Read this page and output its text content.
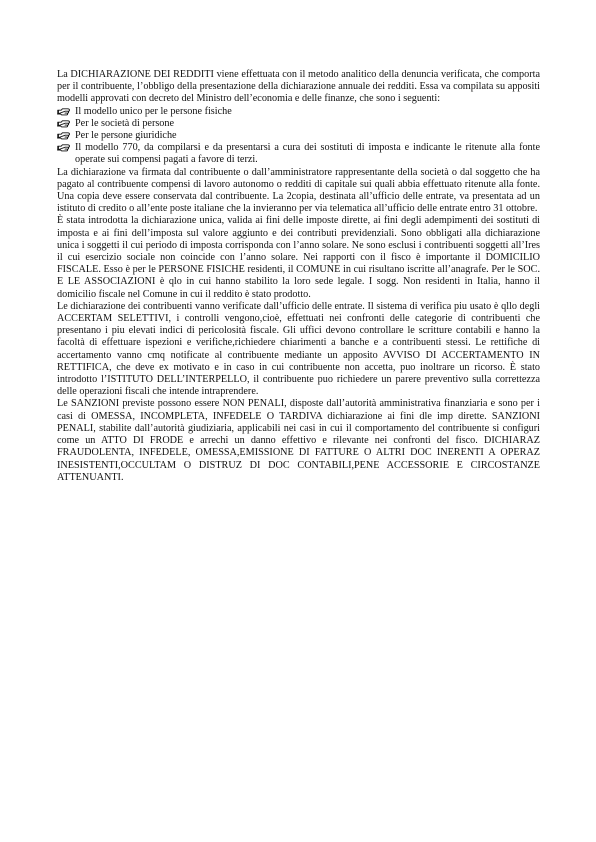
La DICHIARAZIONE DEI REDDITI viene effettuata con il metodo analitico della denuncia verificata, che comporta per il contribuente, l’obbligo della presentazione della dichiarazione annuale dei redditi. Essa va compilata su appositi modelli approvati con decreto del Ministro dell’economia e delle finanze, che sono i seguenti:

Il modello unico per le persone fisiche
Per le società di persone
Per le persone giuridiche
Il modello 770, da compilarsi e da presentarsi a cura dei sostituti di imposta e indicante le ritenute alla fonte operate sui compensi pagati a favore di terzi.

La dichiarazione va firmata dal contribuente o dall’amministratore rappresentante della società o dal soggetto che ha pagato al contribuente compensi di lavoro autonomo o redditi di capitale sui quali abbia effettuato ritenute alla fonte. Una copia deve essere conservata dal contribuente. La 2copia, destinata all’ufficio delle entrate, va presentata ad un istituto di credito o all’ente poste italiane che la invieranno per via telematica all’ufficio delle entrate entro 31 ottobre.

È stata introdotta la dichiarazione unica, valida ai fini delle imposte dirette, ai fini degli adempimenti dei sostituti di imposta e ai fini dell’imposta sul valore aggiunto e dei contributi previdenziali. Sono obbligati alla dichiarazione unica i soggetti il cui periodo di imposta corrisponda con l’anno solare. Ne sono esclusi i contribuenti soggetti all’Ires il cui esercizio sociale non coincide con l’anno solare. Nei rapporti con il fisco è importante il DOMICILIO FISCALE. Esso è per le PERSONE FISICHE residenti, il COMUNE in cui risultano iscritte all’anagrafe. Per le SOC. E LE ASSOCIAZIONI è qlo in cui hanno stabilito la loro sede legale. I sogg. Non residenti in Italia, hanno il domicilio fiscale nel Comune in cui il reddito è stato prodotto.

Le dichiarazione dei contribuenti vanno verificate dall’ufficio delle entrate. Il sistema di verifica piu usato è qllo degli ACCERTAM SELETTIVI, i controlli vengono,cioè, effettuati nei confronti delle categorie di contribuenti che presentano i piu elevati indici di pericolosità fiscale. Gli uffici devono controllare le scritture contabili e hanno la facoltà di effettuare ispezioni e verifiche,richiedere chiarimenti a banche e a contribuenti stessi. Le rettifiche di accertamento vanno cmq notificate al contribuente mediante un apposito AVVISO DI ACCERTAMENTO IN RETTIFICA, che deve ex motivato e in caso in cui contribuente non accetta, puo inoltrare un ricorso. È stato introdotto l’ISTITUTO DELL’INTERPELLO, il contribuente puo richiedere un parere preventivo sulla correttezza delle operazioni fiscali che intende intraprendere.

Le SANZIONI previste possono essere NON PENALI, disposte dall’autorità amministrativa finanziaria e sono per i casi di OMESSA, INCOMPLETA, INFEDELE O TARDIVA dichiarazione ai fini dle imp dirette. SANZIONI PENALI, stabilite dall’autorità giudiziaria, applicabili nei casi in cui il comportamento del contribuente si configuri come un ATTO DI FRODE e arrechi un danno effettivo e rilevante nei confronti del fisco. DICHIARAZ FRAUDOLENTA, INFEDELE, OMESSA,EMISSIONE DI FATTURE O ALTRI DOC INERENTI A OPERAZ INESISTENTI,OCCULTAM O DISTRUZ DI DOC CONTABILI,PENE ACCESSORIE E CIRCOSTANZE ATTENUANTI.
